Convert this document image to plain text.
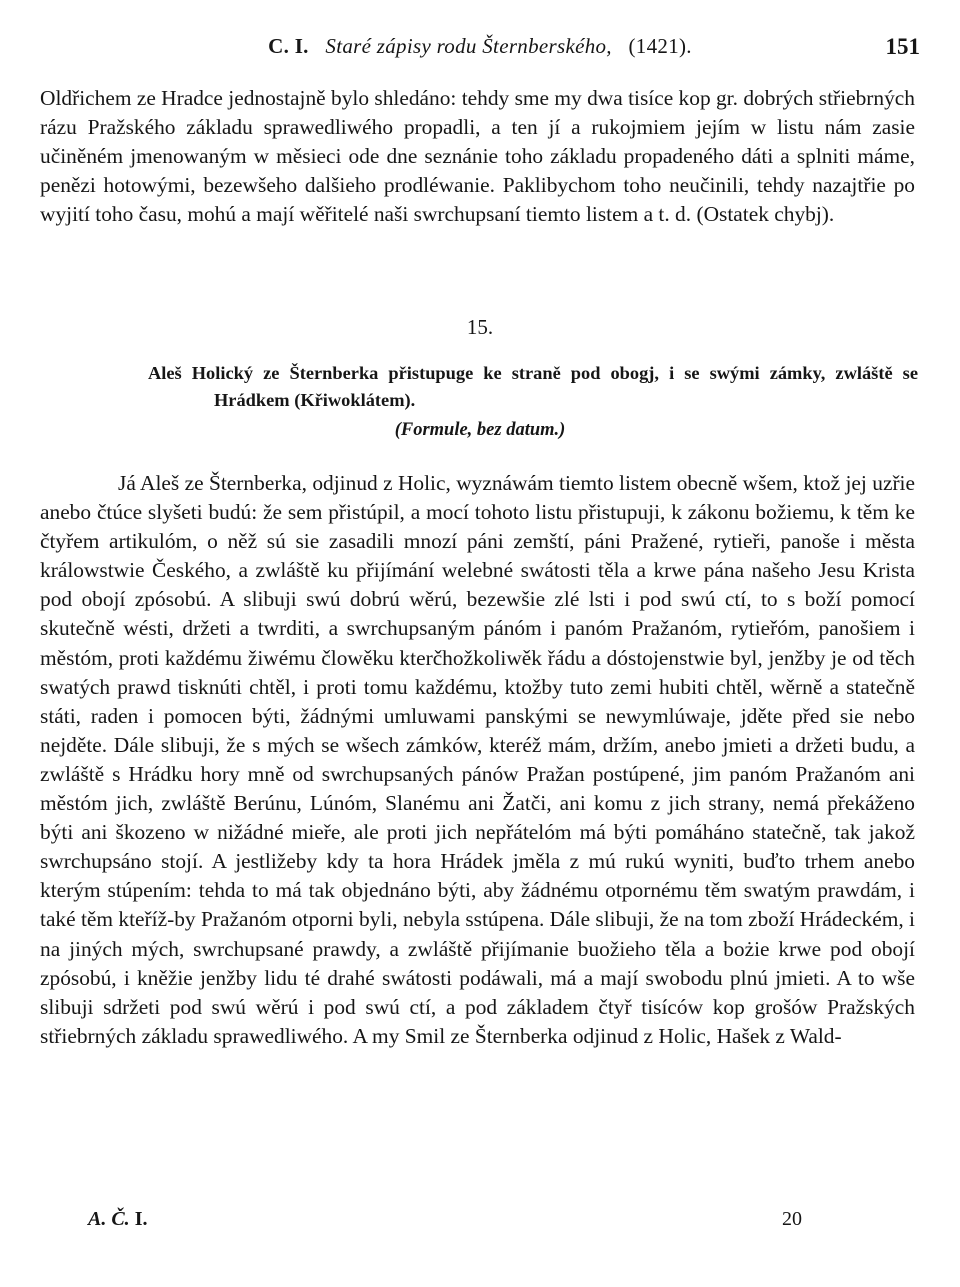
C. I. Staré zápisy rodu Šternberského, (1421).	151

Oldřichem ze Hradce jednostajně bylo shledáno: tehdy sme my dwa tisíce kop gr. dobrých střiebrných rázu Pražského základu sprawedliwého propadli, a ten jí a rukojmiem jejím w listu nám zasie učiněném jmenowaným w měsieci ode dne seznánie toho základu propadeného dáti a splniti máme, penězi hotowými, bezewšeho dalšieho prodléwanie. Paklibychom toho neučinili, tehdy nazajtřie po wyjití toho času, mohú a mají wěřitelé naši swrchupsaní tiemto listem a t. d. (Ostatek chybj).

15.

Aleš Holický ze Šternberka přistupuge ke straně pod obogj, i se swými zámky, zwláště se Hrádkem (Křiwoklátem).

(Formule, bez datum.)

Já Aleš ze Šternberka, odjinud z Holic, wyznáwám tiemto listem obecně wšem, ktož jej uzřie anebo čtúce slyšeti budú: že sem přistúpil, a mocí tohoto listu přistupuji, k zákonu božiemu, k těm ke čtyřem artikulóm, o něž sú sie zasadili mnozí páni zemští, páni Pražené, rytieři, panoše i města králowstwie Českého, a zwláště ku přijímání welebné swátosti těla a krwe pána našeho Jesu Krista pod obojí zpósobú. A slibuji swú dobrú wěrú, bezewšie zlé lsti i pod swú ctí, to s boží pomocí skutečně wésti, držeti a twrditi, a swrchupsaným pánóm i panóm Pražanóm, rytieřóm, panošiem i městóm, proti každému žiwému člowěku kterčhožkoliwěk řádu a dóstojenstwie byl, jenžby je od těch swatých prawd tisknúti chtěl, i proti tomu každému, ktožby tuto zemi hubiti chtěl, wěrně a statečně státi, raden i pomocen býti, žádnými umluwami panskými se newymlúwaje, jděte před sie nebo nejděte. Dále slibuji, že s mých se wšech zámków, kteréž mám, držím, anebo jmieti a držeti budu, a zwláště s Hrádku hory mně od swrchupsaných pánów Pražan postúpené, jim panóm Pražanóm ani městóm jich, zwláště Berúnu, Lúnóm, Slanému ani Žatči, ani komu z jich strany, nemá překáženo býti ani škozeno w nižádné mieře, ale proti jich nepřátelóm má býti pomáháno statečně, tak jakož swrchupsáno stojí. A jestližeby kdy ta hora Hrádek jměla z mú rukú wyniti, buďto trhem anebo kterým stúpením: tehda to má tak objednáno býti, aby žádnému otpornému těm swatým prawdám, i také těm kteříž-by Pražanóm otporni byli, nebyla sstúpena. Dále slibuji, že na tom zboží Hrádeckém, i na jiných mých, swrchupsané prawdy, a zwláště přijímanie buožieho těla a bożie krwe pod obojí zpósobú, i kněžie jenžby lidu té drahé swátosti podáwali, má a mají swobodu plnú jmieti. A to wše slibuji sdržeti pod swú wěrú i pod swú ctí, a pod základem čtyř tisíców kop grošów Pražských střiebrných základu sprawedliwého. A my Smil ze Šternberka odjinud z Holic, Hašek z Wald-

A. Č. I.	20
